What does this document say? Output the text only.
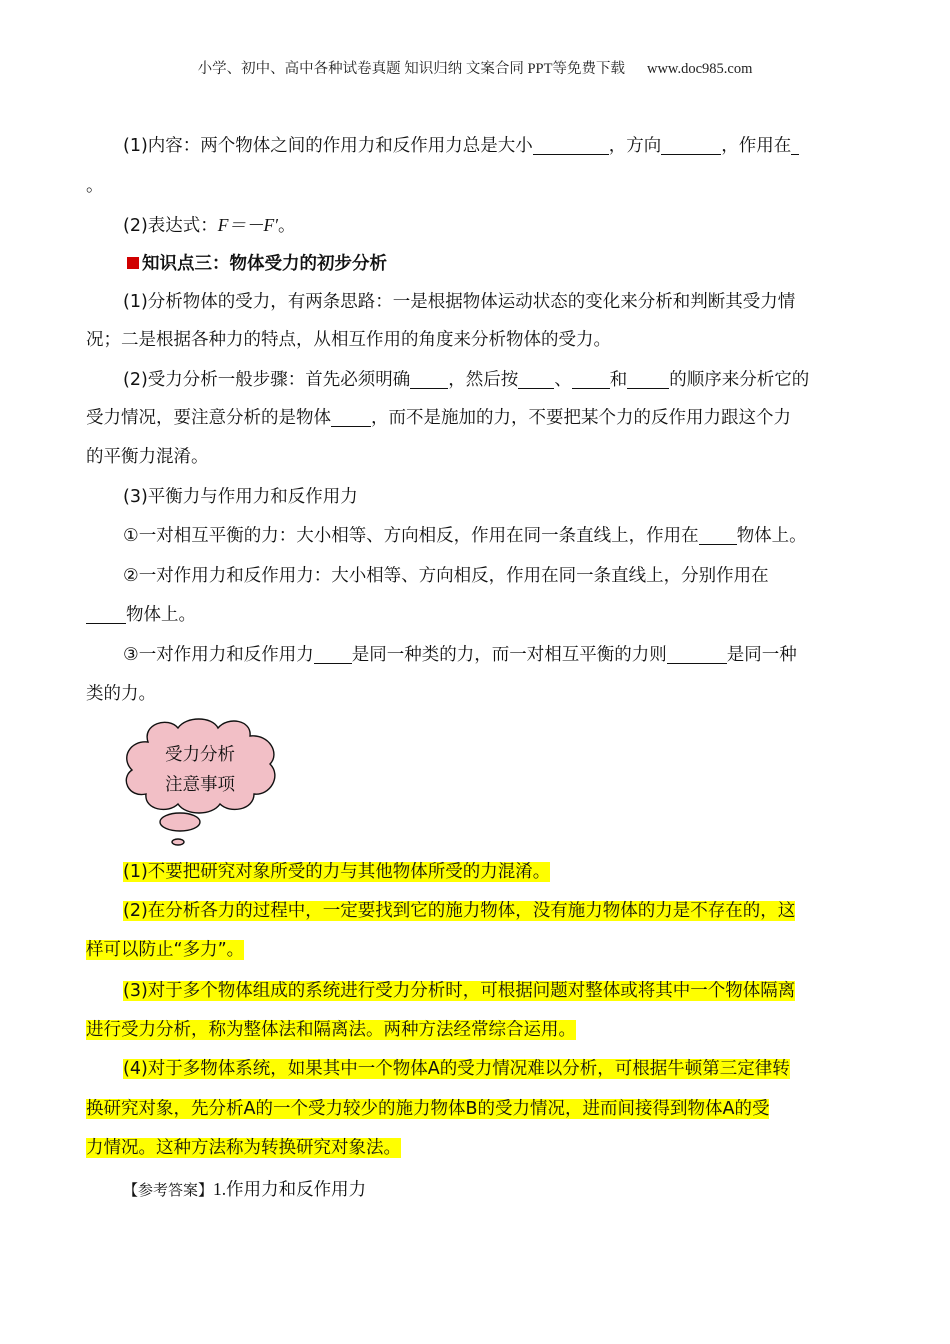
小学、初中、高中各种试卷真题 知识归纳 文案合同 PPT等免费下载 www.doc985.com
(1)内容：两个物体之间的作用力和反作用力总是大小	，方向	，作用在
。
(2)表达式：F＝－F′。
知识点三：物体受力的初步分析
(1)分析物体的受力，有两条思路：一是根据物体运动状态的变化来分析和判断其受力情
况；二是根据各种力的特点，从相互作用的角度来分析物体的受力。
(2)受力分析一般步骤：首先必须明确 ，然后按 、 和 的顺序来分析它的
受力情况，要注意分析的是物体 ，而不是施加的力，不要把某个力的反作用力跟这个力
的平衡力混淆。
(3)平衡力与作用力和反作用力
①一对相互平衡的力：大小相等、方向相反，作用在同一条直线上，作用在 物体上。
②一对作用力和反作用力：大小相等、方向相反，作用在同一条直线上，分别作用在
物体上。
③一对作用力和反作用力 是同一种类的力，而一对相互平衡的力则	是同一种
类的力。
(1)不要把研究对象所受的力与其他物体所受的力混淆。
(2)在分析各力的过程中，一定要找到它的施力物体，没有施力物体的力是不存在的，这
样可以防止“多力”。
(3)对于多个物体组成的系统进行受力分析时，可根据问题对整体或将其中一个物体隔离
进行受力分析，称为整体法和隔离法。两种方法经常综合运用。
(4)对于多物体系统，如果其中一个物体A的受力情况难以分析，可根据牛顿第三定律转
换研究对象，先分析A的一个受力较少的施力物体B的受力情况，进而间接得到物体A的受
力情况。这种方法称为转换研究对象法。
【参考答案】1.作用力和反作用力
受力分析
注意事项
